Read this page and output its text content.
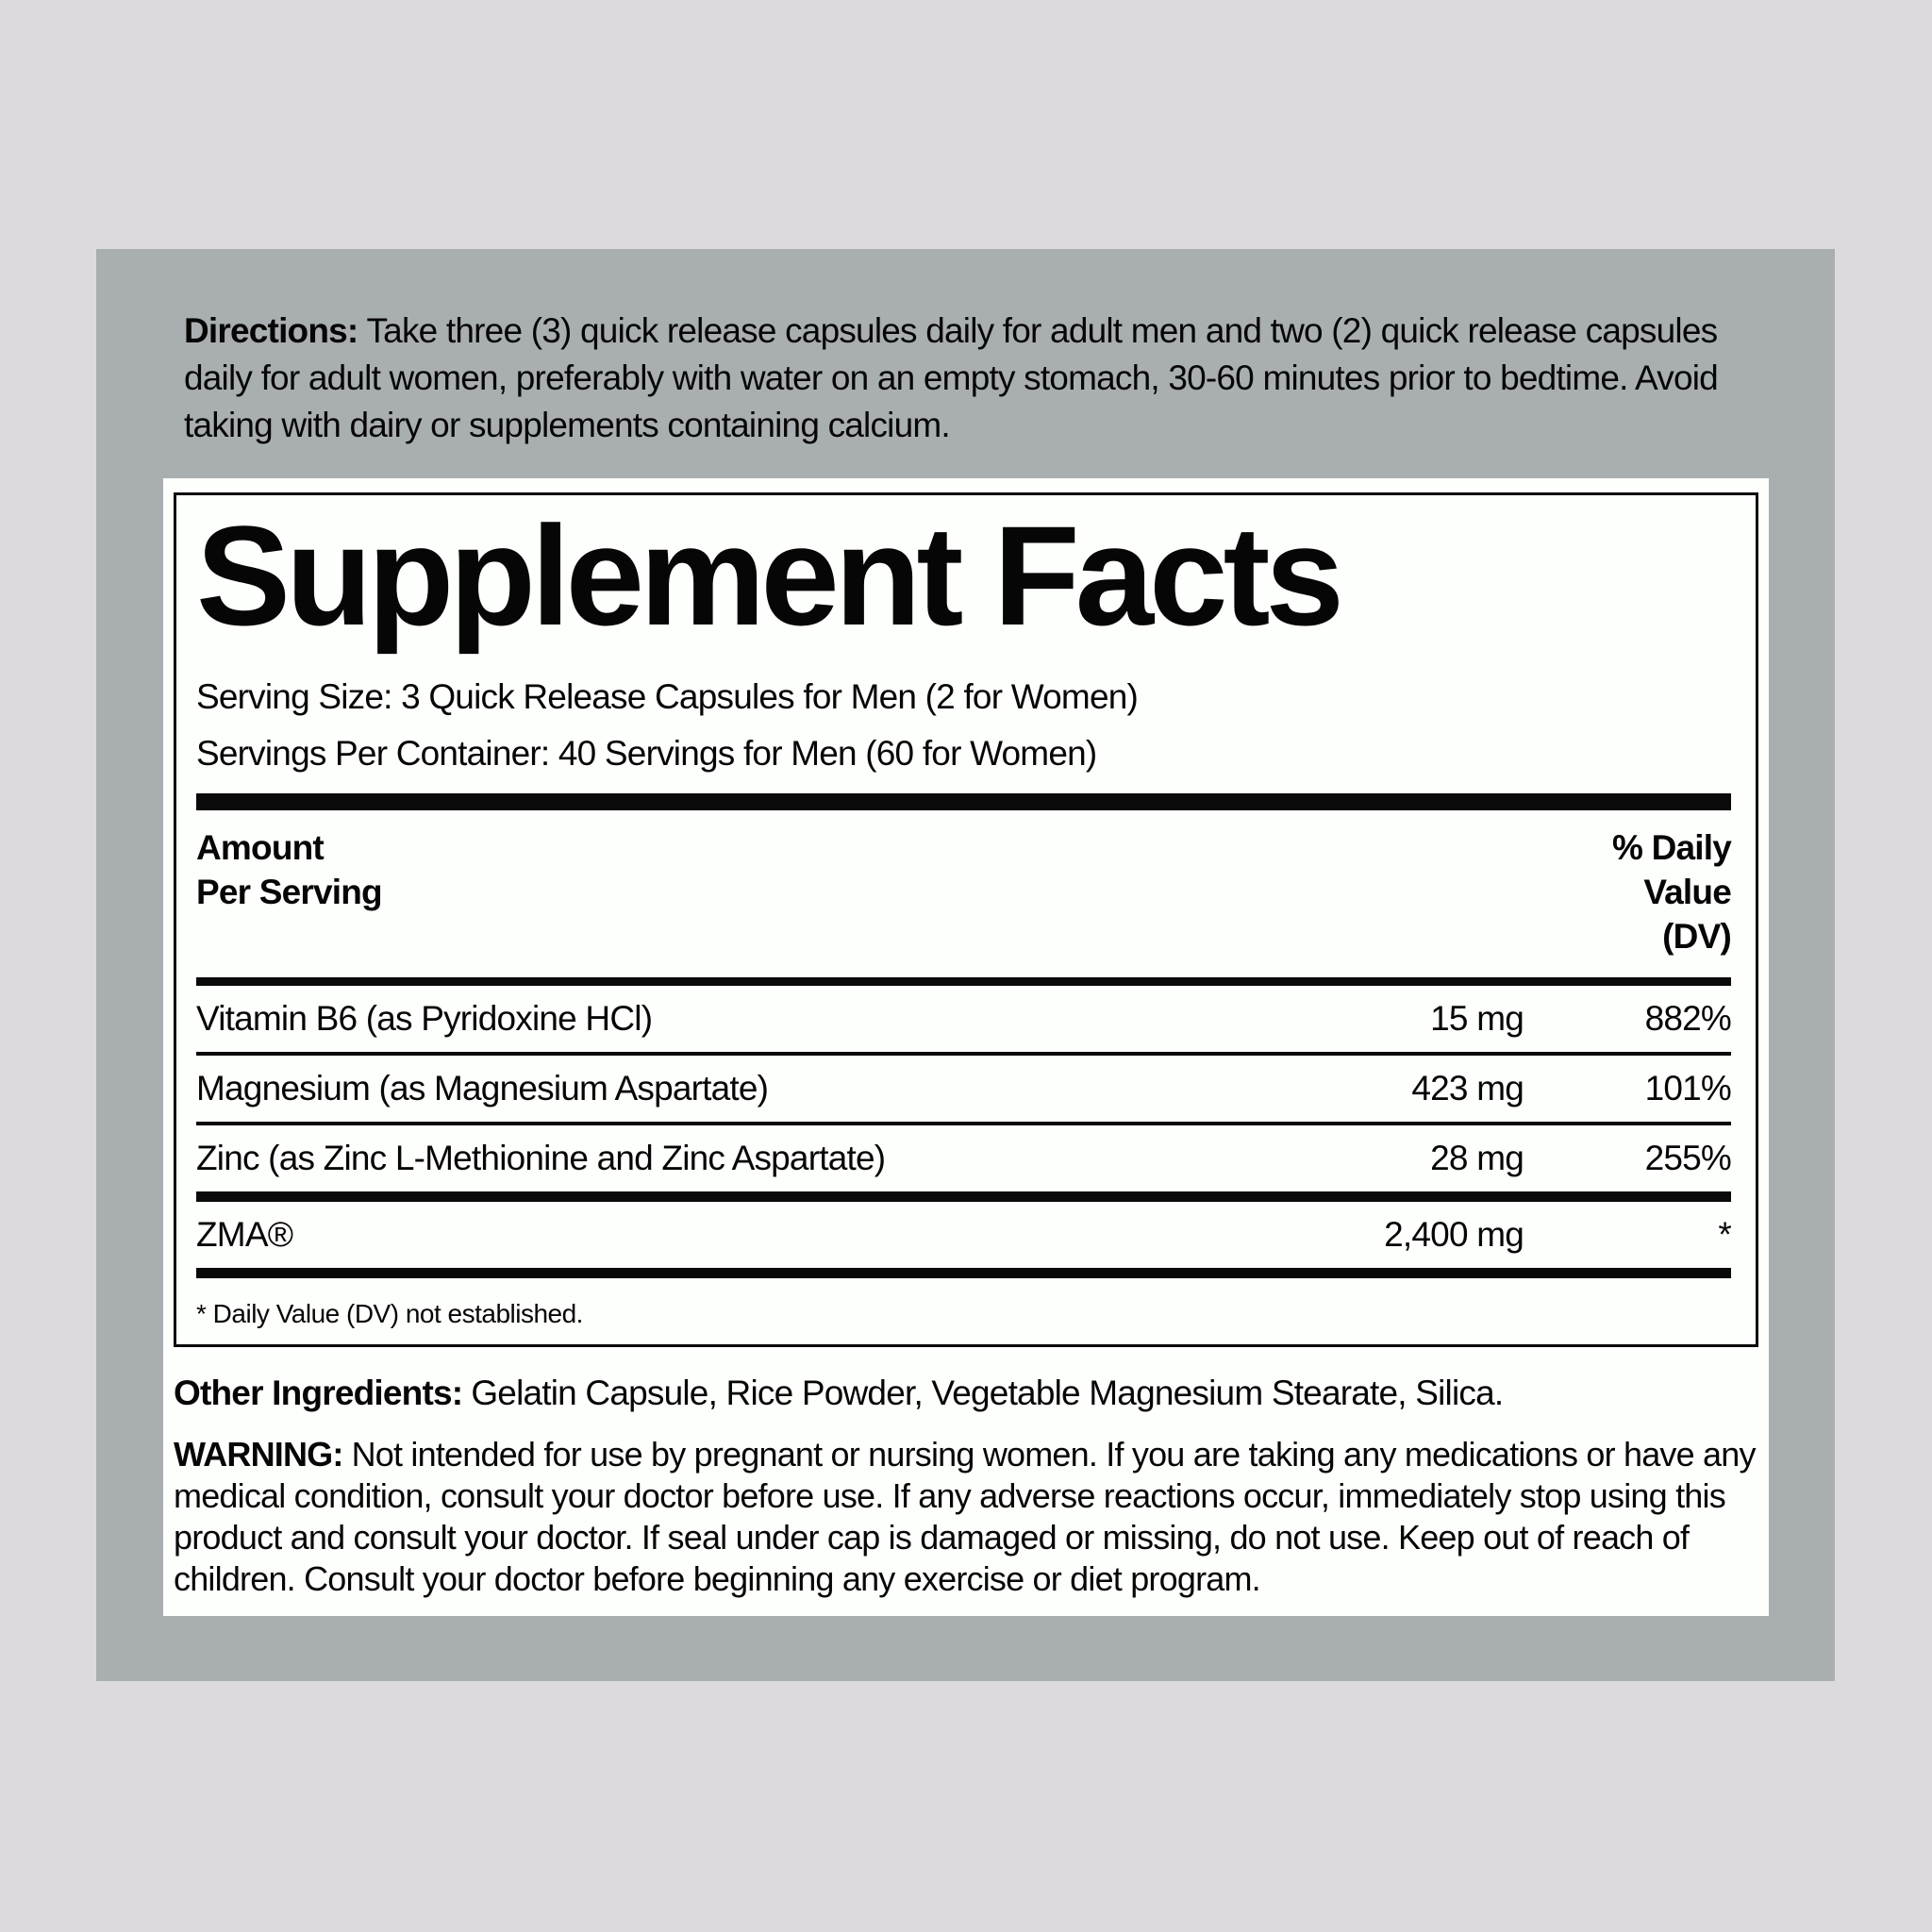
Directions: Take three (3) quick release capsules daily for adult men and two (2) quick release capsules daily for adult women, preferably with water on an empty stomach, 30-60 minutes prior to bedtime. Avoid taking with dairy or supplements containing calcium.

Supplement Facts
Serving Size: 3 Quick Release Capsules for Men (2 for Women)
Servings Per Container: 40 Servings for Men (60 for Women)
Amount
Per Serving
% Daily
Value
(DV)
Vitamin B6 (as Pyridoxine HCl)	15 mg	882%
Magnesium (as Magnesium Aspartate)	423 mg	101%
Zinc (as Zinc L-Methionine and Zinc Aspartate)	28 mg	255%
ZMA®	2,400 mg	*
* Daily Value (DV) not established.

Other Ingredients: Gelatin Capsule, Rice Powder, Vegetable Magnesium Stearate, Silica.

WARNING: Not intended for use by pregnant or nursing women. If you are taking any medications or have any medical condition, consult your doctor before use. If any adverse reactions occur, immediately stop using this product and consult your doctor. If seal under cap is damaged or missing, do not use. Keep out of reach of children. Consult your doctor before beginning any exercise or diet program.
